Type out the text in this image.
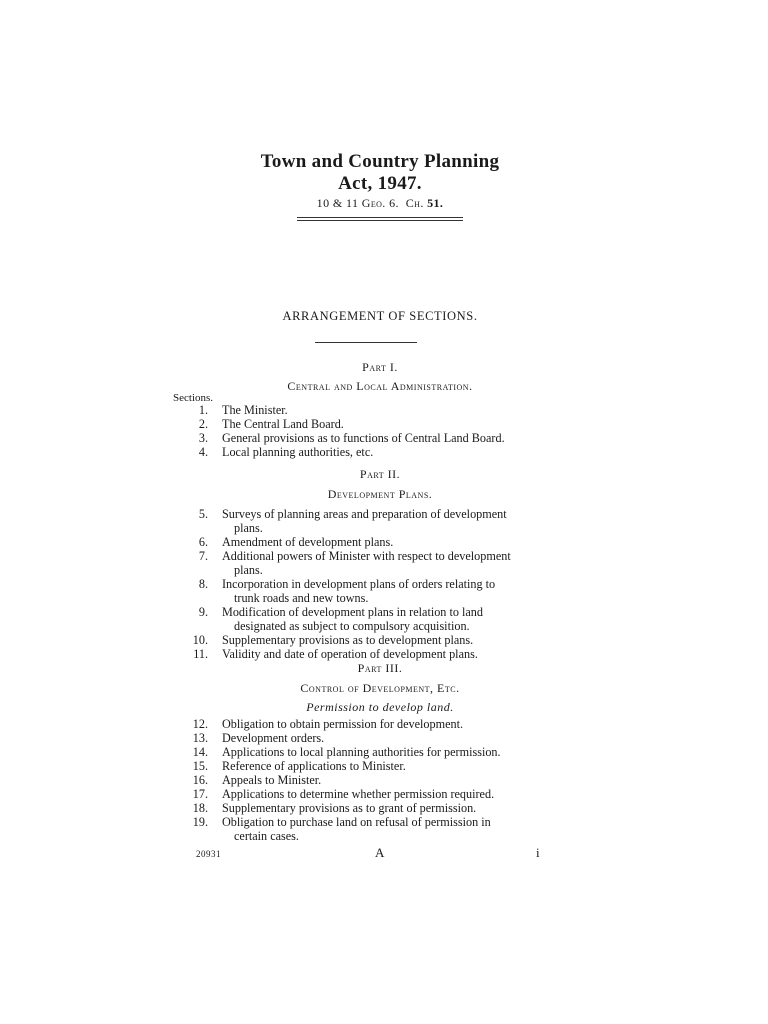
Town and Country Planning
Act, 1947.
10 & 11 Geo. 6. Ch. 51.
ARRANGEMENT OF SECTIONS.
Part I.
Central and Local Administration.
Sections.
1. The Minister.
2. The Central Land Board.
3. General provisions as to functions of Central Land Board.
4. Local planning authorities, etc.
Part II.
Development Plans.
5. Surveys of planning areas and preparation of development
plans.
6. Amendment of development plans.
7. Additional powers of Minister with respect to development
plans.
8. Incorporation in development plans of orders relating to
trunk roads and new towns.
9. Modification of development plans in relation to land
designated as subject to compulsory acquisition.
10. Supplementary provisions as to development plans.
11. Validity and date of operation of development plans.
Part III.
Control of Development, Etc.
Permission to develop land.
12. Obligation to obtain permission for development.
13. Development orders.
14. Applications to local planning authorities for permission.
15. Reference of applications to Minister.
16. Appeals to Minister.
17. Applications to determine whether permission required.
18. Supplementary provisions as to grant of permission.
19. Obligation to purchase land on refusal of permission in
certain cases.
20931	A	i
